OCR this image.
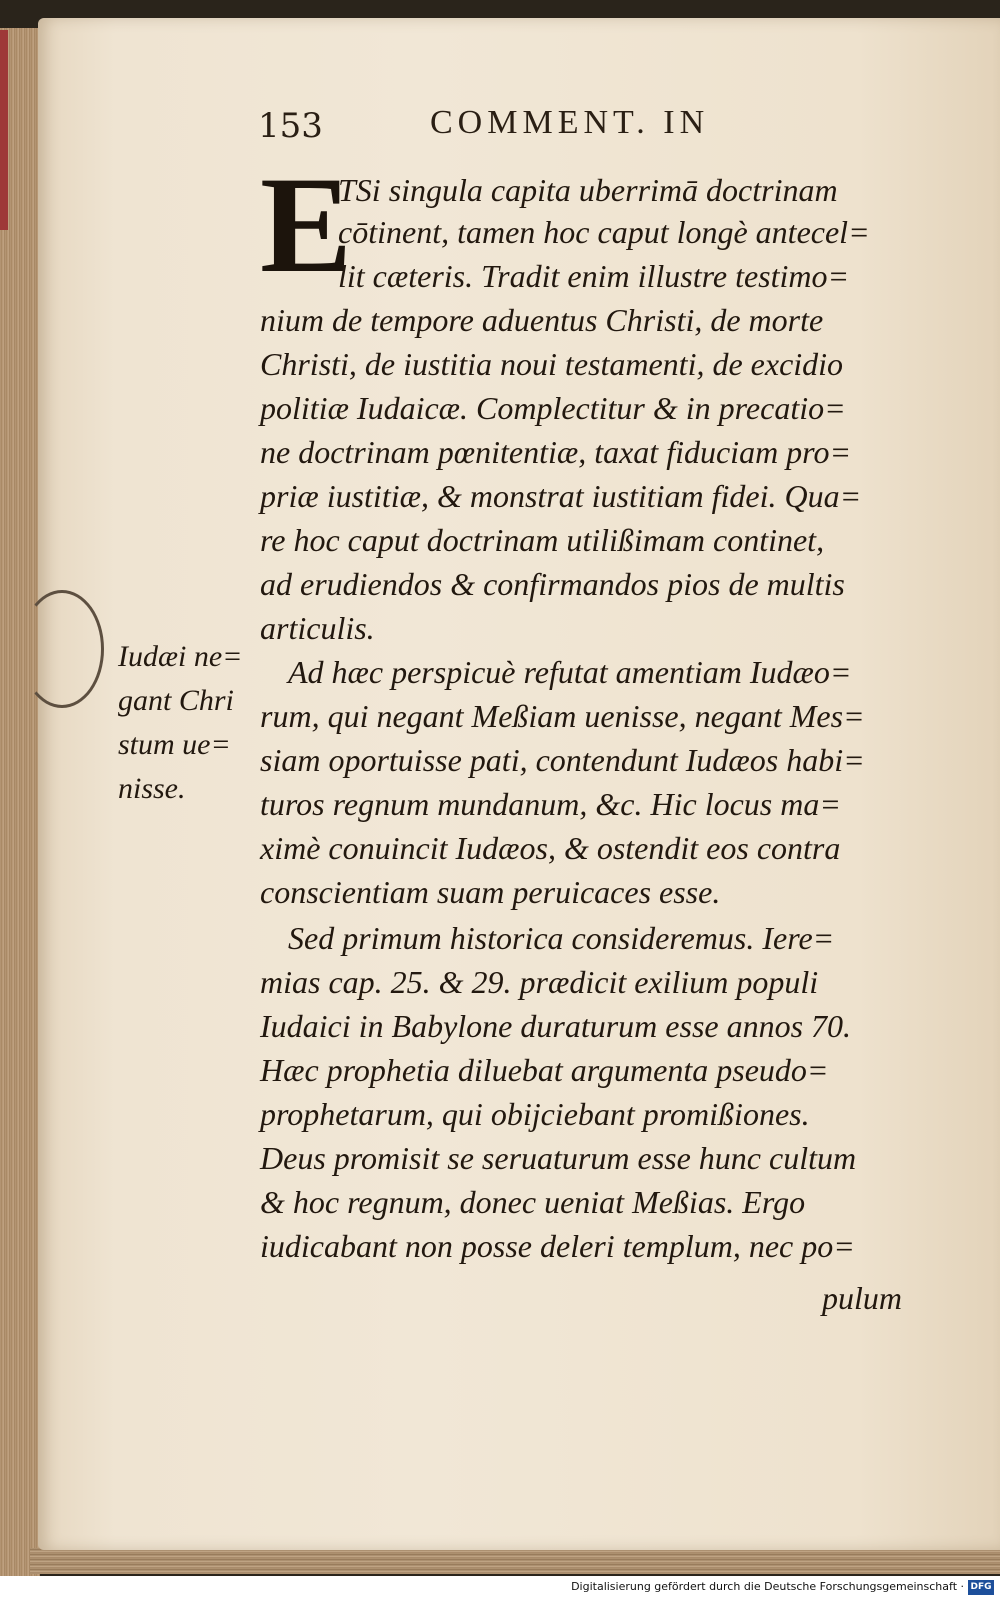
153	COMMENT. IN
E
TSi singula capita uberrimā doctrinam
cōtinent, tamen hoc caput longè antecel=
lit cæteris. Tradit enim illustre testimo=
nium de tempore aduentus Christi, de morte
Christi, de iustitia noui testamenti, de excidio
politiæ Iudaicæ. Complectitur & in precatio=
ne doctrinam pœnitentiæ, taxat fiduciam pro=
priæ iustitiæ, & monstrat iustitiam fidei. Qua=
re hoc caput doctrinam utilißimam continet,
ad erudiendos & confirmandos pios de multis
articulis.
Ad hæc perspicuè refutat amentiam Iudæo=
rum, qui negant Meßiam uenisse, negant Mes=
siam oportuisse pati, contendunt Iudæos habi=
turos regnum mundanum, &c. Hic locus ma=
ximè conuincit Iudæos, & ostendit eos contra
conscientiam suam peruicaces esse.
Sed primum historica consideremus. Iere=
mias cap. 25. & 29. prædicit exilium populi
Iudaici in Babylone duraturum esse annos 70.
Hæc prophetia diluebat argumenta pseudo=
prophetarum, qui obijciebant promißiones.
Deus promisit se seruaturum esse hunc cultum
& hoc regnum, donec ueniat Meßias. Ergo
iudicabant non posse deleri templum, nec po=
pulum
Iudæi ne=
gant Chri
stum ue=
nisse.
Digitalisierung gefördert durch die Deutsche Forschungsgemeinschaft · DFG
